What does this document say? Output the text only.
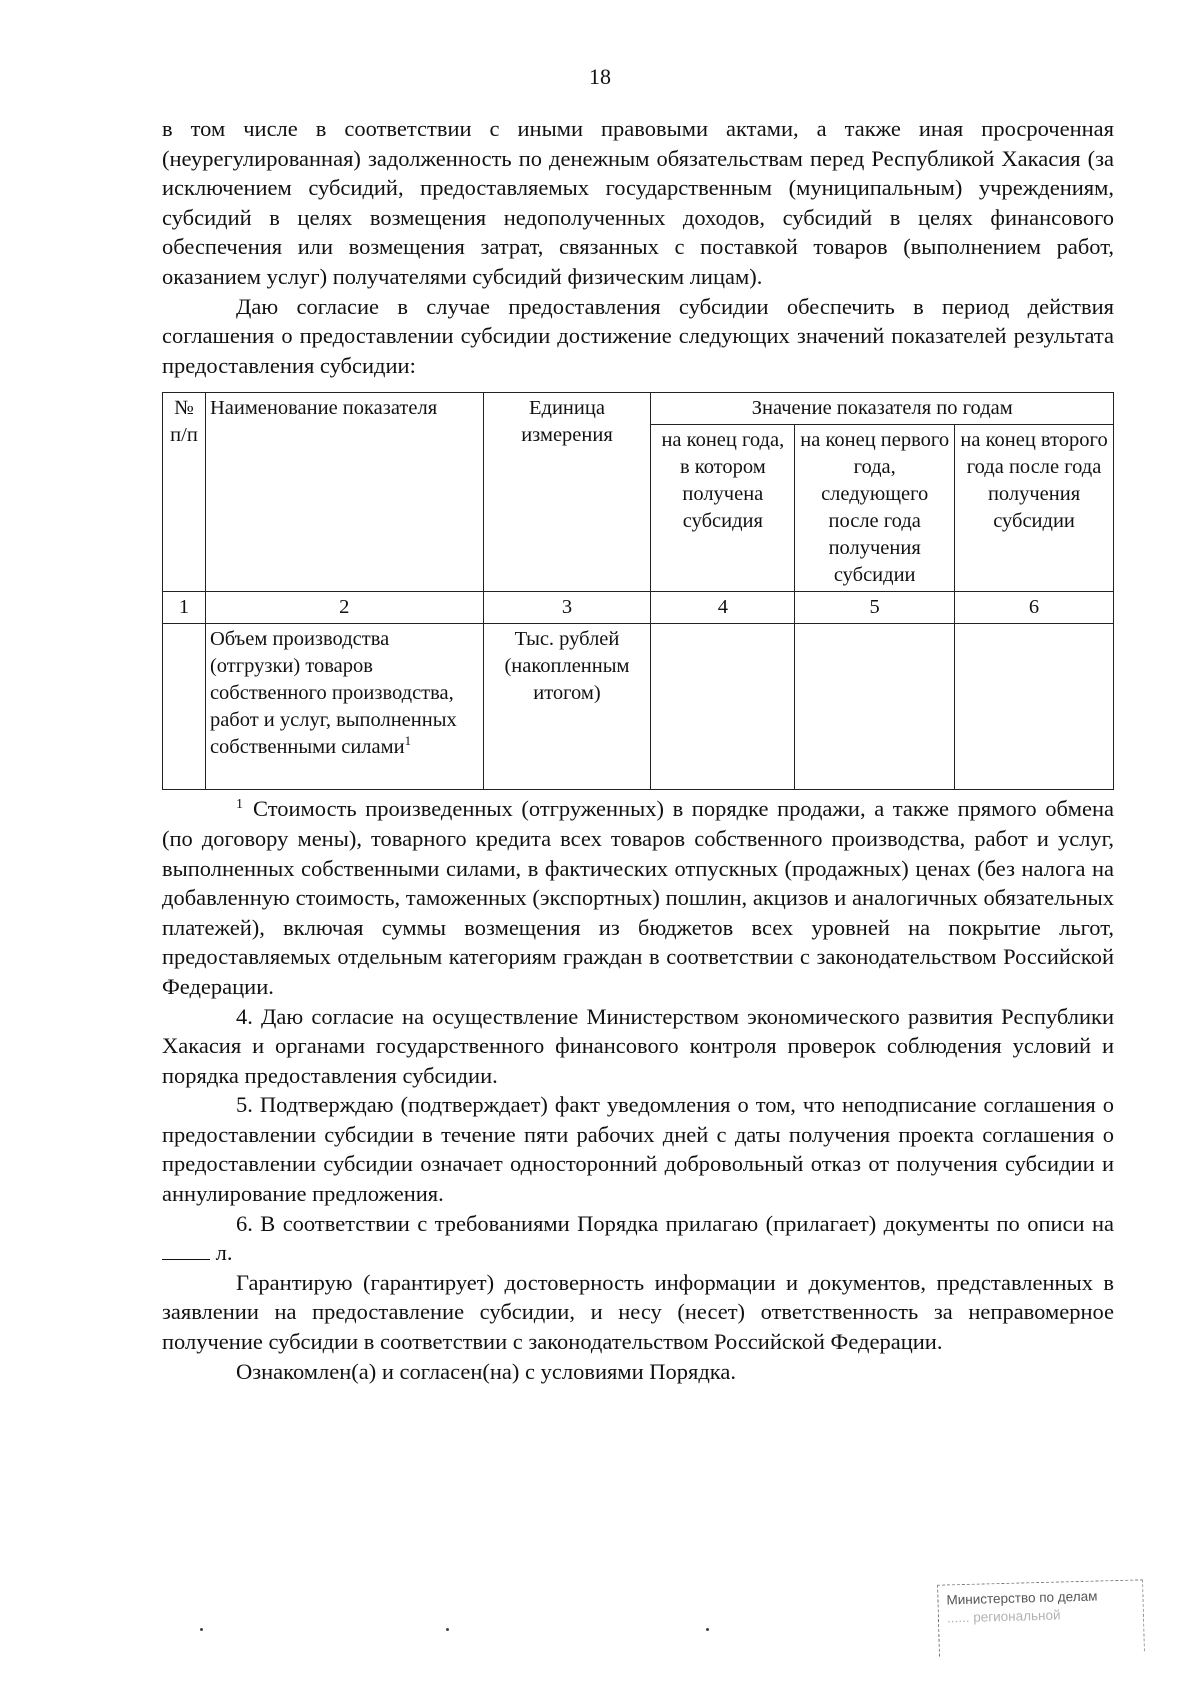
18

в том числе в соответствии с иными правовыми актами, а также иная просроченная (неурегулированная) задолженность по денежным обязательствам перед Республикой Хакасия (за исключением субсидий, предоставляемых государственным (муниципальным) учреждениям, субсидий в целях возмещения недополученных доходов, субсидий в целях финансового обеспечения или возмещения затрат, связанных с поставкой товаров (выполнением работ, оказанием услуг) получателями субсидий физическим лицам).

Даю согласие в случае предоставления субсидии обеспечить в период действия соглашения о предоставлении субсидии достижение следующих значений показателей результата предоставления субсидии:

№ п/п	Наименование показателя	Единица измерения	Значение показателя по годам		
			на конец года, в котором получена субсидия	на конец первого года, следующего после года получения субсидии	на конец второго года после года получения субсидии
1	2	3	4	5	6
	Объем производства (отгрузки) товаров собственного производства, работ и услуг, выполненных собственными силами$^1$	Тыс. рублей (накопленным итогом)			

$^1$ Стоимость произведенных (отгруженных) в порядке продажи, а также прямого обмена (по договору мены), товарного кредита всех товаров собственного производства, работ и услуг, выполненных собственными силами, в фактических отпускных (продажных) ценах (без налога на добавленную стоимость, таможенных (экспортных) пошлин, акцизов и аналогичных обязательных платежей), включая суммы возмещения из бюджетов всех уровней на покрытие льгот, предоставляемых отдельным категориям граждан в соответствии с законодательством Российской Федерации.

4. Даю согласие на осуществление Министерством экономического развития Республики Хакасия и органами государственного финансового контроля проверок соблюдения условий и порядка предоставления субсидии.

5. Подтверждаю (подтверждает) факт уведомления о том, что неподписание соглашения о предоставлении субсидии в течение пяти рабочих дней с даты получения проекта соглашения о предоставлении субсидии означает односторонний добровольный отказ от получения субсидии и аннулирование предложения.

6. В соответствии с требованиями Порядка прилагаю (прилагает) документы по описи на  л.

Гарантирую (гарантирует) достоверность информации и документов, представленных в заявлении на предоставление субсидии, и несу (несет) ответственность за неправомерное получение субсидии в соответствии с законодательством Российской Федерации.

Ознакомлен(а) и согласен(на) с условиями Порядка.

Министерство по делам
...... региональной
